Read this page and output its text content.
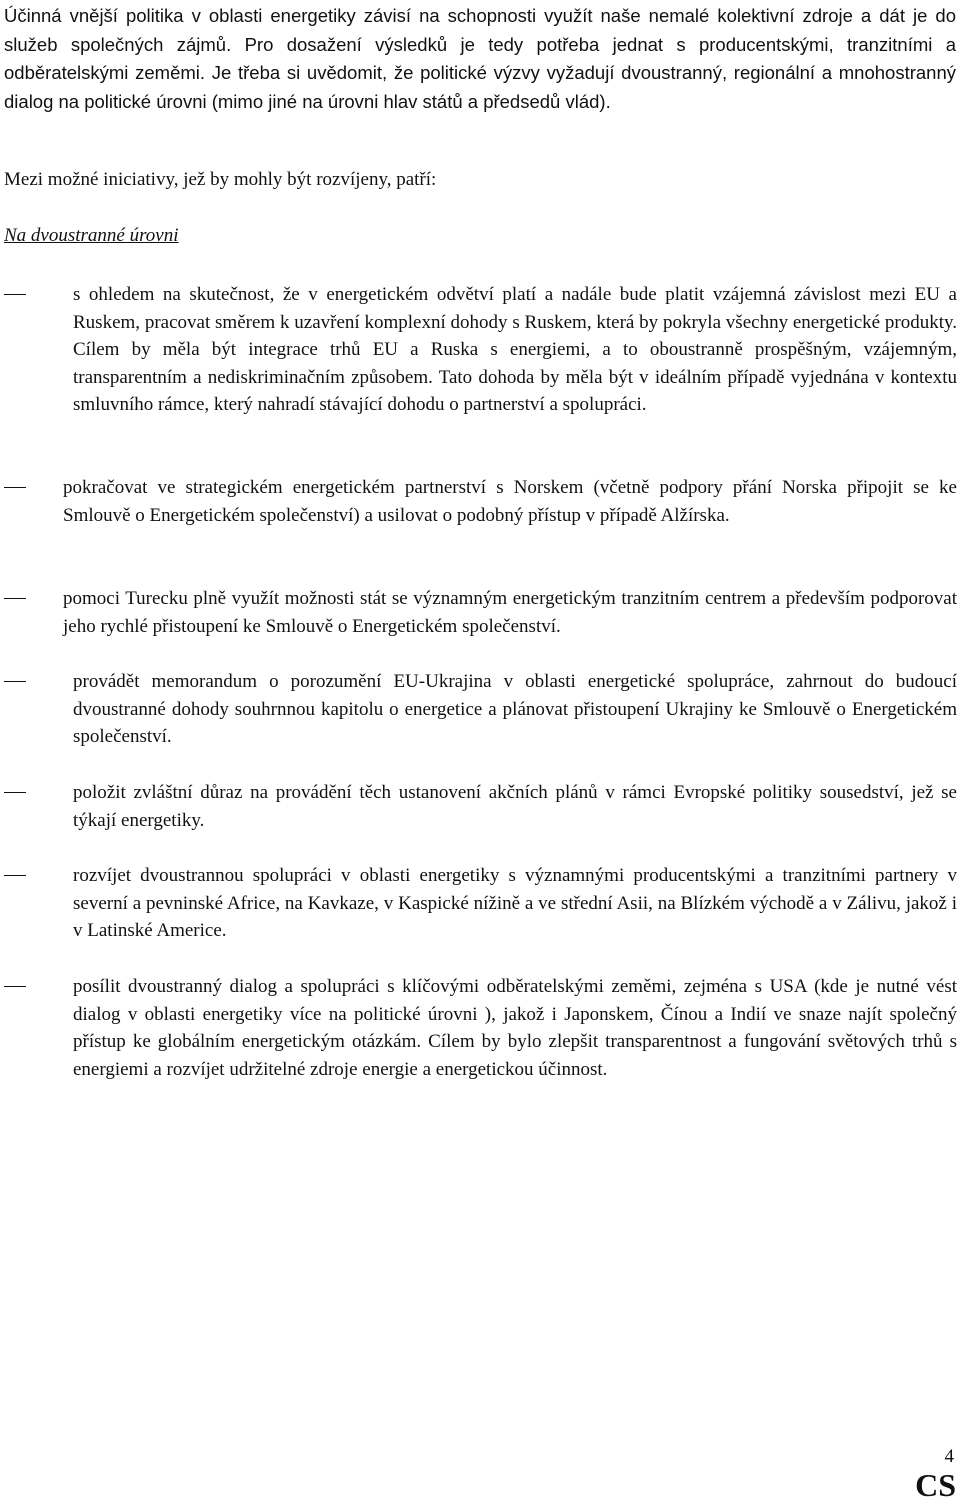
Účinná vnější politika v oblasti energetiky závisí na schopnosti využít naše nemalé kolektivní zdroje a dát je do služeb společných zájmů. Pro dosažení výsledků je tedy potřeba jednat s producentskými, tranzitními a odběratelskými zeměmi. Je třeba si uvědomit, že politické výzvy vyžadují dvoustranný, regionální a mnohostranný dialog na politické úrovni (mimo jiné na úrovni hlav států a předsedů vlád).

Mezi možné iniciativy, jež by mohly být rozvíjeny, patří:

Na dvoustranné úrovni

s ohledem na skutečnost, že v energetickém odvětví platí a nadále bude platit vzájemná závislost mezi EU a Ruskem, pracovat směrem k uzavření komplexní dohody s Ruskem, která by pokryla všechny energetické produkty. Cílem by měla být integrace trhů EU a Ruska s energiemi, a to oboustranně prospěšným, vzájemným, transparentním a nediskriminačním způsobem. Tato dohoda by měla být v ideálním případě vyjednána v kontextu smluvního rámce, který nahradí stávající dohodu o partnerství a spolupráci.

pokračovat ve strategickém energetickém partnerství s Norskem (včetně podpory přání Norska připojit se ke Smlouvě o Energetickém společenství) a usilovat o podobný přístup v případě Alžírska.

pomoci Turecku plně využít možnosti stát se významným energetickým tranzitním centrem a především podporovat jeho rychlé přistoupení ke Smlouvě o Energetickém společenství.

provádět memorandum o porozumění EU-Ukrajina v oblasti energetické spolupráce, zahrnout do budoucí dvoustranné dohody souhrnnou kapitolu o energetice a plánovat přistoupení Ukrajiny ke Smlouvě o Energetickém společenství.

položit zvláštní důraz na provádění těch ustanovení akčních plánů v rámci Evropské politiky sousedství, jež se týkají energetiky.

rozvíjet dvoustrannou spolupráci v oblasti energetiky s významnými producentskými a tranzitními partnery v severní a pevninské Africe, na Kavkaze, v Kaspické nížině a ve střední Asii, na Blízkém východě a v Zálivu, jakož i v Latinské Americe.

posílit dvoustranný dialog a spolupráci s klíčovými odběratelskými zeměmi, zejména s USA (kde je nutné vést dialog v oblasti energetiky více na politické úrovni ), jakož i Japonskem, Čínou a Indií ve snaze najít společný přístup ke globálním energetickým otázkám. Cílem by bylo zlepšit transparentnost a fungování světových trhů s energiemi a rozvíjet udržitelné zdroje energie a energetickou účinnost.

4

CS
